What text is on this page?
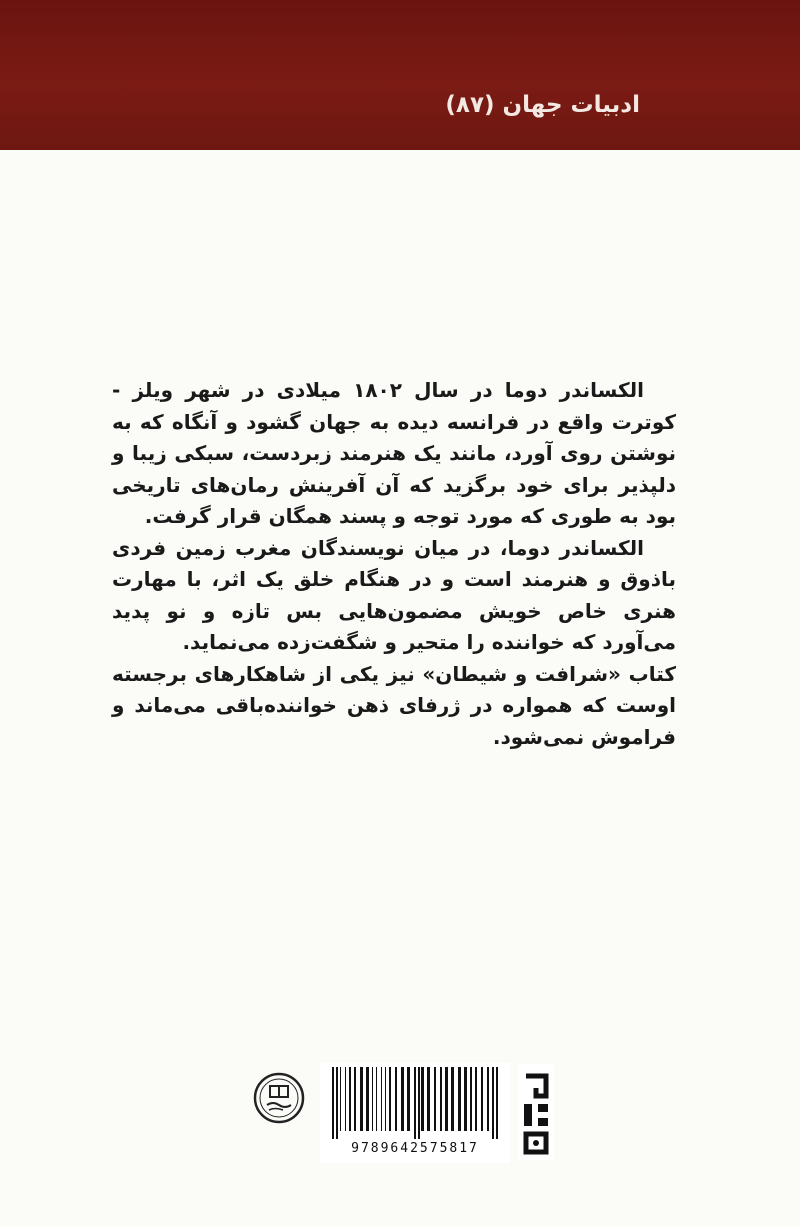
ادبیات جهان (۸۷)

الکساندر دوما در سال ۱۸۰۲ میلادی در شهر ویلز - کوترت واقع در فرانسه دیده به جهان گشود و آنگاه که به نوشتن روی آورد، مانند یک هنرمند زبردست، سبکی زیبا و دلپذیر برای خود برگزید که آن آفرینش رمان‌های تاریخی بود به طوری که مورد توجه و پسند همگان قرار گرفت.

الکساندر دوما، در میان نویسندگان مغرب زمین فردی باذوق و هنرمند است و در هنگام خلق یک اثر، با مهارت هنری خاص خویش مضمون‌هایی بس تازه و نو پدید می‌آورد که خواننده را متحیر و شگفت‌زده می‌نماید.

کتاب «شرافت و شیطان» نیز یکی از شاهکارهای برجسته اوست که همواره در ژرفای ذهن خواننده‌باقی می‌ماند و فراموش نمی‌شود.

9789642575817
